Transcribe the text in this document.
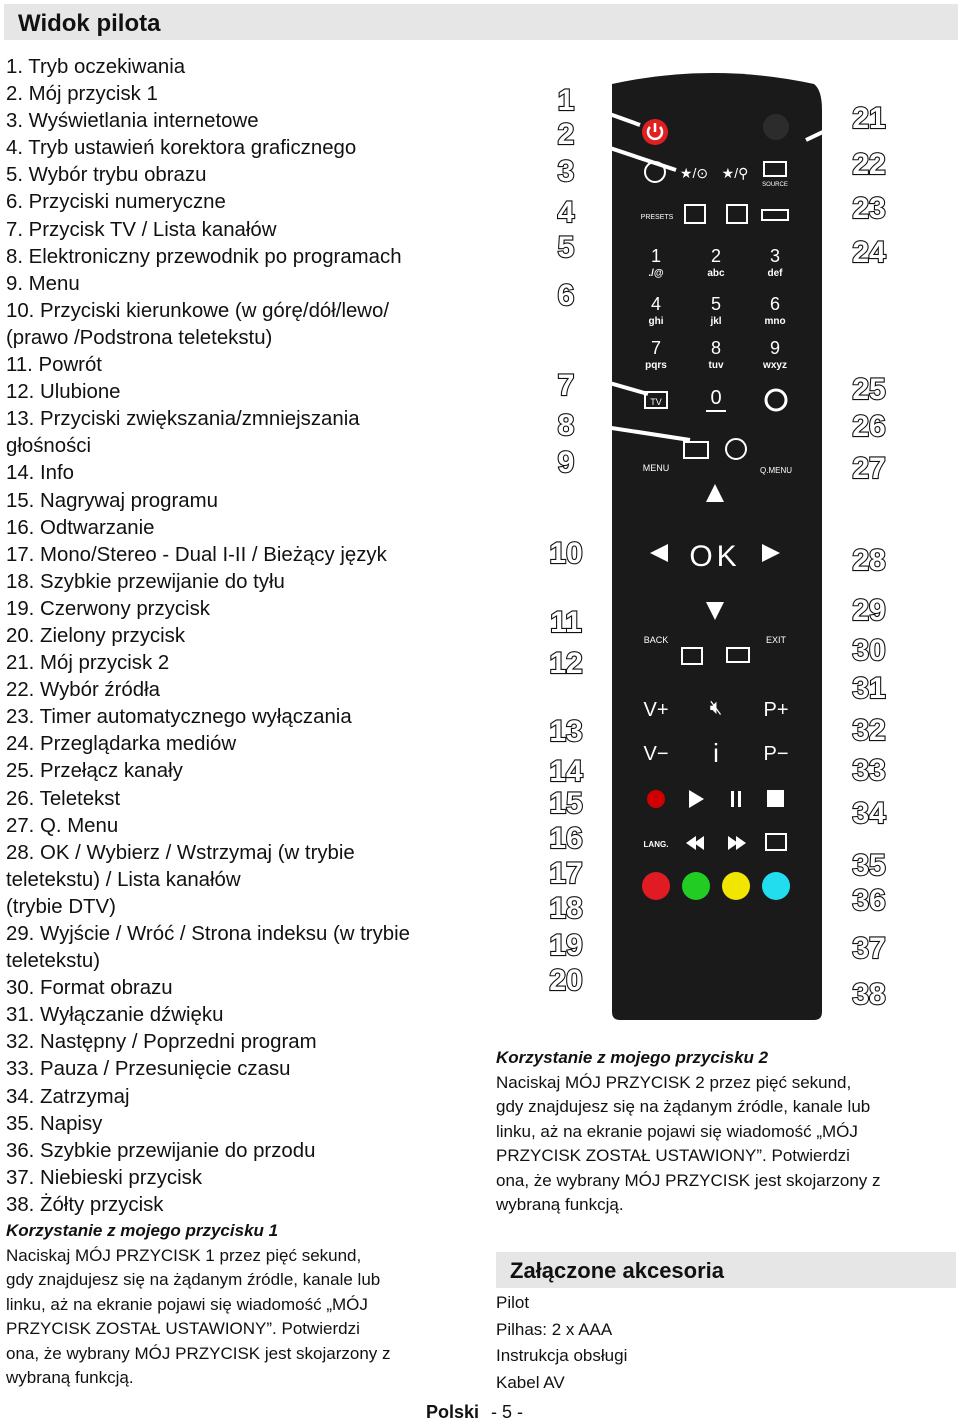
Widok pilota
1. Tryb oczekiwania
2. Mój przycisk 1
3. Wyświetlania internetowe
4. Tryb ustawień korektora graficznego
5. Wybór trybu obrazu
6. Przyciski numeryczne
7. Przycisk TV / Lista kanałów
8. Elektroniczny przewodnik po programach
9. Menu
10. Przyciski kierunkowe (w górę/dół/lewo/
(prawo /Podstrona teletekstu)
11. Powrót
12. Ulubione
13. Przyciski zwiększania/zmniejszania
głośności
14. Info
15. Nagrywaj programu
16. Odtwarzanie
17. Mono/Stereo - Dual I-II / Bieżący język
18. Szybkie przewijanie do tyłu
19. Czerwony przycisk
20. Zielony przycisk
21. Mój przycisk 2
22. Wybór źródła
23. Timer automatycznego wyłączania
24. Przeglądarka mediów
25. Przełącz kanały
26. Teletekst
27. Q. Menu
28. OK / Wybierz / Wstrzymaj (w trybie
teletekstu) / Lista kanałów
(trybie DTV)
29. Wyjście / Wróć / Strona indeksu (w trybie
teletekstu)
30. Format obrazu
31. Wyłączanie dźwięku
32. Następny / Poprzedni program
33. Pauza / Przesunięcie czasu
34. Zatrzymaj
35. Napisy
36. Szybkie przewijanie do przodu
37. Niebieski przycisk
38. Żółty przycisk
Korzystanie z mojego przycisku 1
Naciskaj MÓJ PRZYCISK 1 przez pięć sekund,
gdy znajdujesz się na żądanym źródle, kanale lub
linku, aż na ekranie pojawi się wiadomość „MÓJ
PRZYCISK ZOSTAŁ USTAWIONY”. Potwierdzi
ona, że wybrany MÓJ PRZYCISK jest skojarzony z
wybraną funkcją.
Korzystanie z mojego przycisku 2
Naciskaj MÓJ PRZYCISK 2 przez pięć sekund,
gdy znajdujesz się na żądanym źródle, kanale lub
linku, aż na ekranie pojawi się wiadomość „MÓJ
PRZYCISK ZOSTAŁ USTAWIONY”. Potwierdzi
ona, że wybrany MÓJ PRZYCISK jest skojarzony z
wybraną funkcją.
Załączone akcesoria
Pilot
Pilhas: 2 x AAA
Instrukcja obsługi
Kabel AV
Polski - 5 -
1
2
3
4
5
6
7
8
9
10
11
12
13
14
15
16
17
18
19
20
21
22
23
24
25
26
27
28
29
30
31
32
33
34
35
36
37
38
★/⊙ ★/⚲
SOURCE
PRESETS
1
./@
2
abc
3
def
4
ghi
5
jkl
6
mno
7
pqrs
8
tuv
9
wxyz
0
TV
MENU	Q.MENU
OK
BACK	EXIT
V+
V−
P+
P−
🔇︎
i
LANG.
